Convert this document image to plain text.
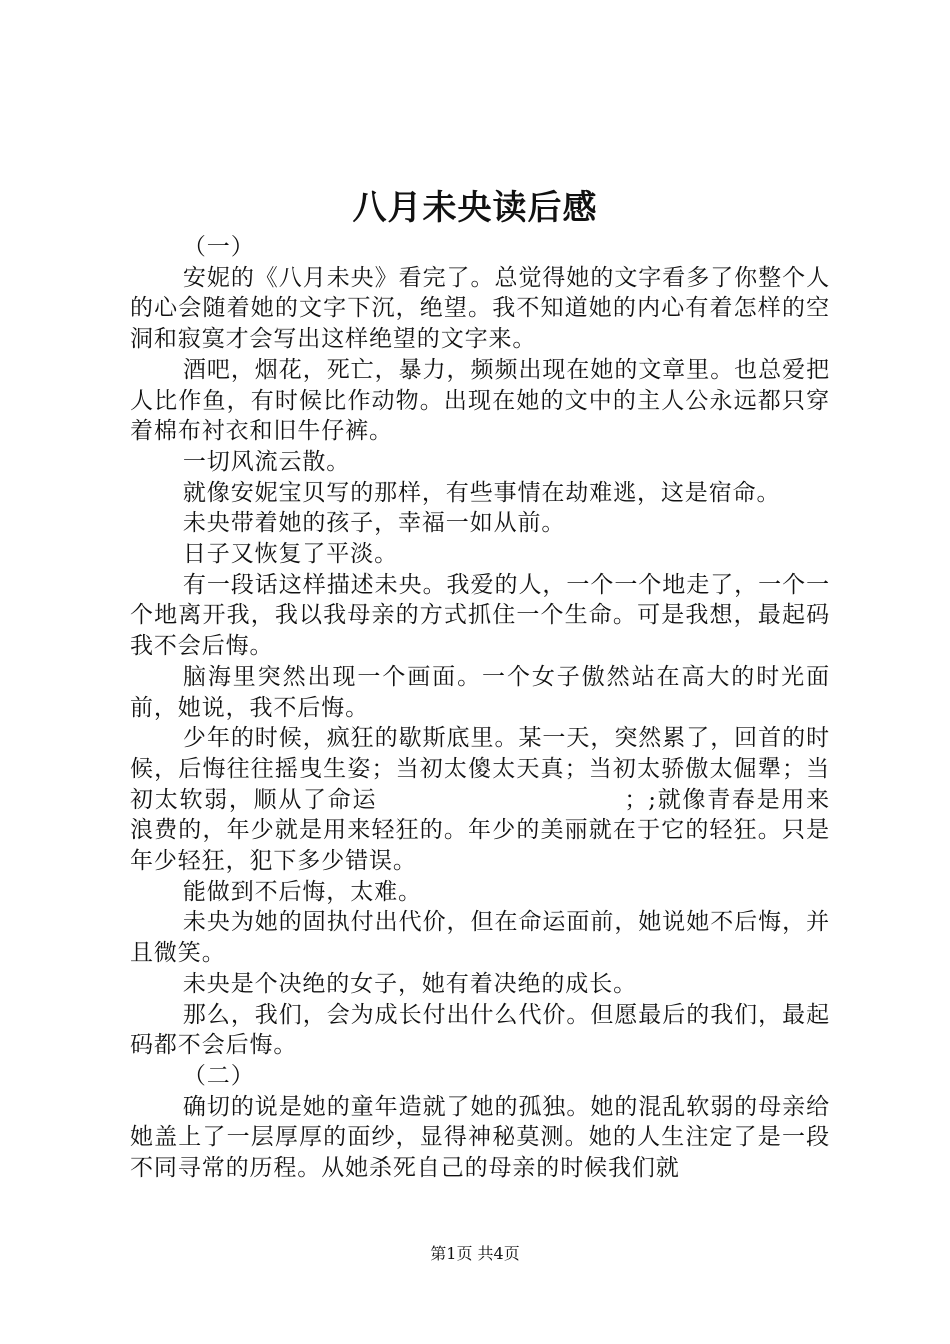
八月未央读后感

（一）

安妮的《八月未央》看完了。总觉得她的文字看多了你整个人的心会随着她的文字下沉，绝望。我不知道她的内心有着怎样的空洞和寂寞才会写出这样绝望的文字来。

酒吧，烟花，死亡，暴力，频频出现在她的文章里。也总爱把人比作鱼，有时候比作动物。出现在她的文中的主人公永远都只穿着棉布衬衣和旧牛仔裤。

一切风流云散。

就像安妮宝贝写的那样，有些事情在劫难逃，这是宿命。

未央带着她的孩子，幸福一如从前。

日子又恢复了平淡。

有一段话这样描述未央。我爱的人，一个一个地走了，一个一个地离开我，我以我母亲的方式抓住一个生命。可是我想，最起码我不会后悔。

脑海里突然出现一个画面。一个女子傲然站在高大的时光面前，她说，我不后悔。

少年的时候，疯狂的歇斯底里。某一天，突然累了，回首的时候，后悔往往摇曳生姿；当初太傻太天真；当初太骄傲太倔犟；当初太软弱，顺从了命运　　　　　　　　　　；;就像青春是用来浪费的，年少就是用来轻狂的。年少的美丽就在于它的轻狂。只是年少轻狂，犯下多少错误。

能做到不后悔，太难。

未央为她的固执付出代价，但在命运面前，她说她不后悔，并且微笑。

未央是个决绝的女子，她有着决绝的成长。

那么，我们，会为成长付出什么代价。但愿最后的我们，最起码都不会后悔。

（二）

确切的说是她的童年造就了她的孤独。她的混乱软弱的母亲给她盖上了一层厚厚的面纱，显得神秘莫测。她的人生注定了是一段不同寻常的历程。从她杀死自己的母亲的时候我们就

第1页 共4页
